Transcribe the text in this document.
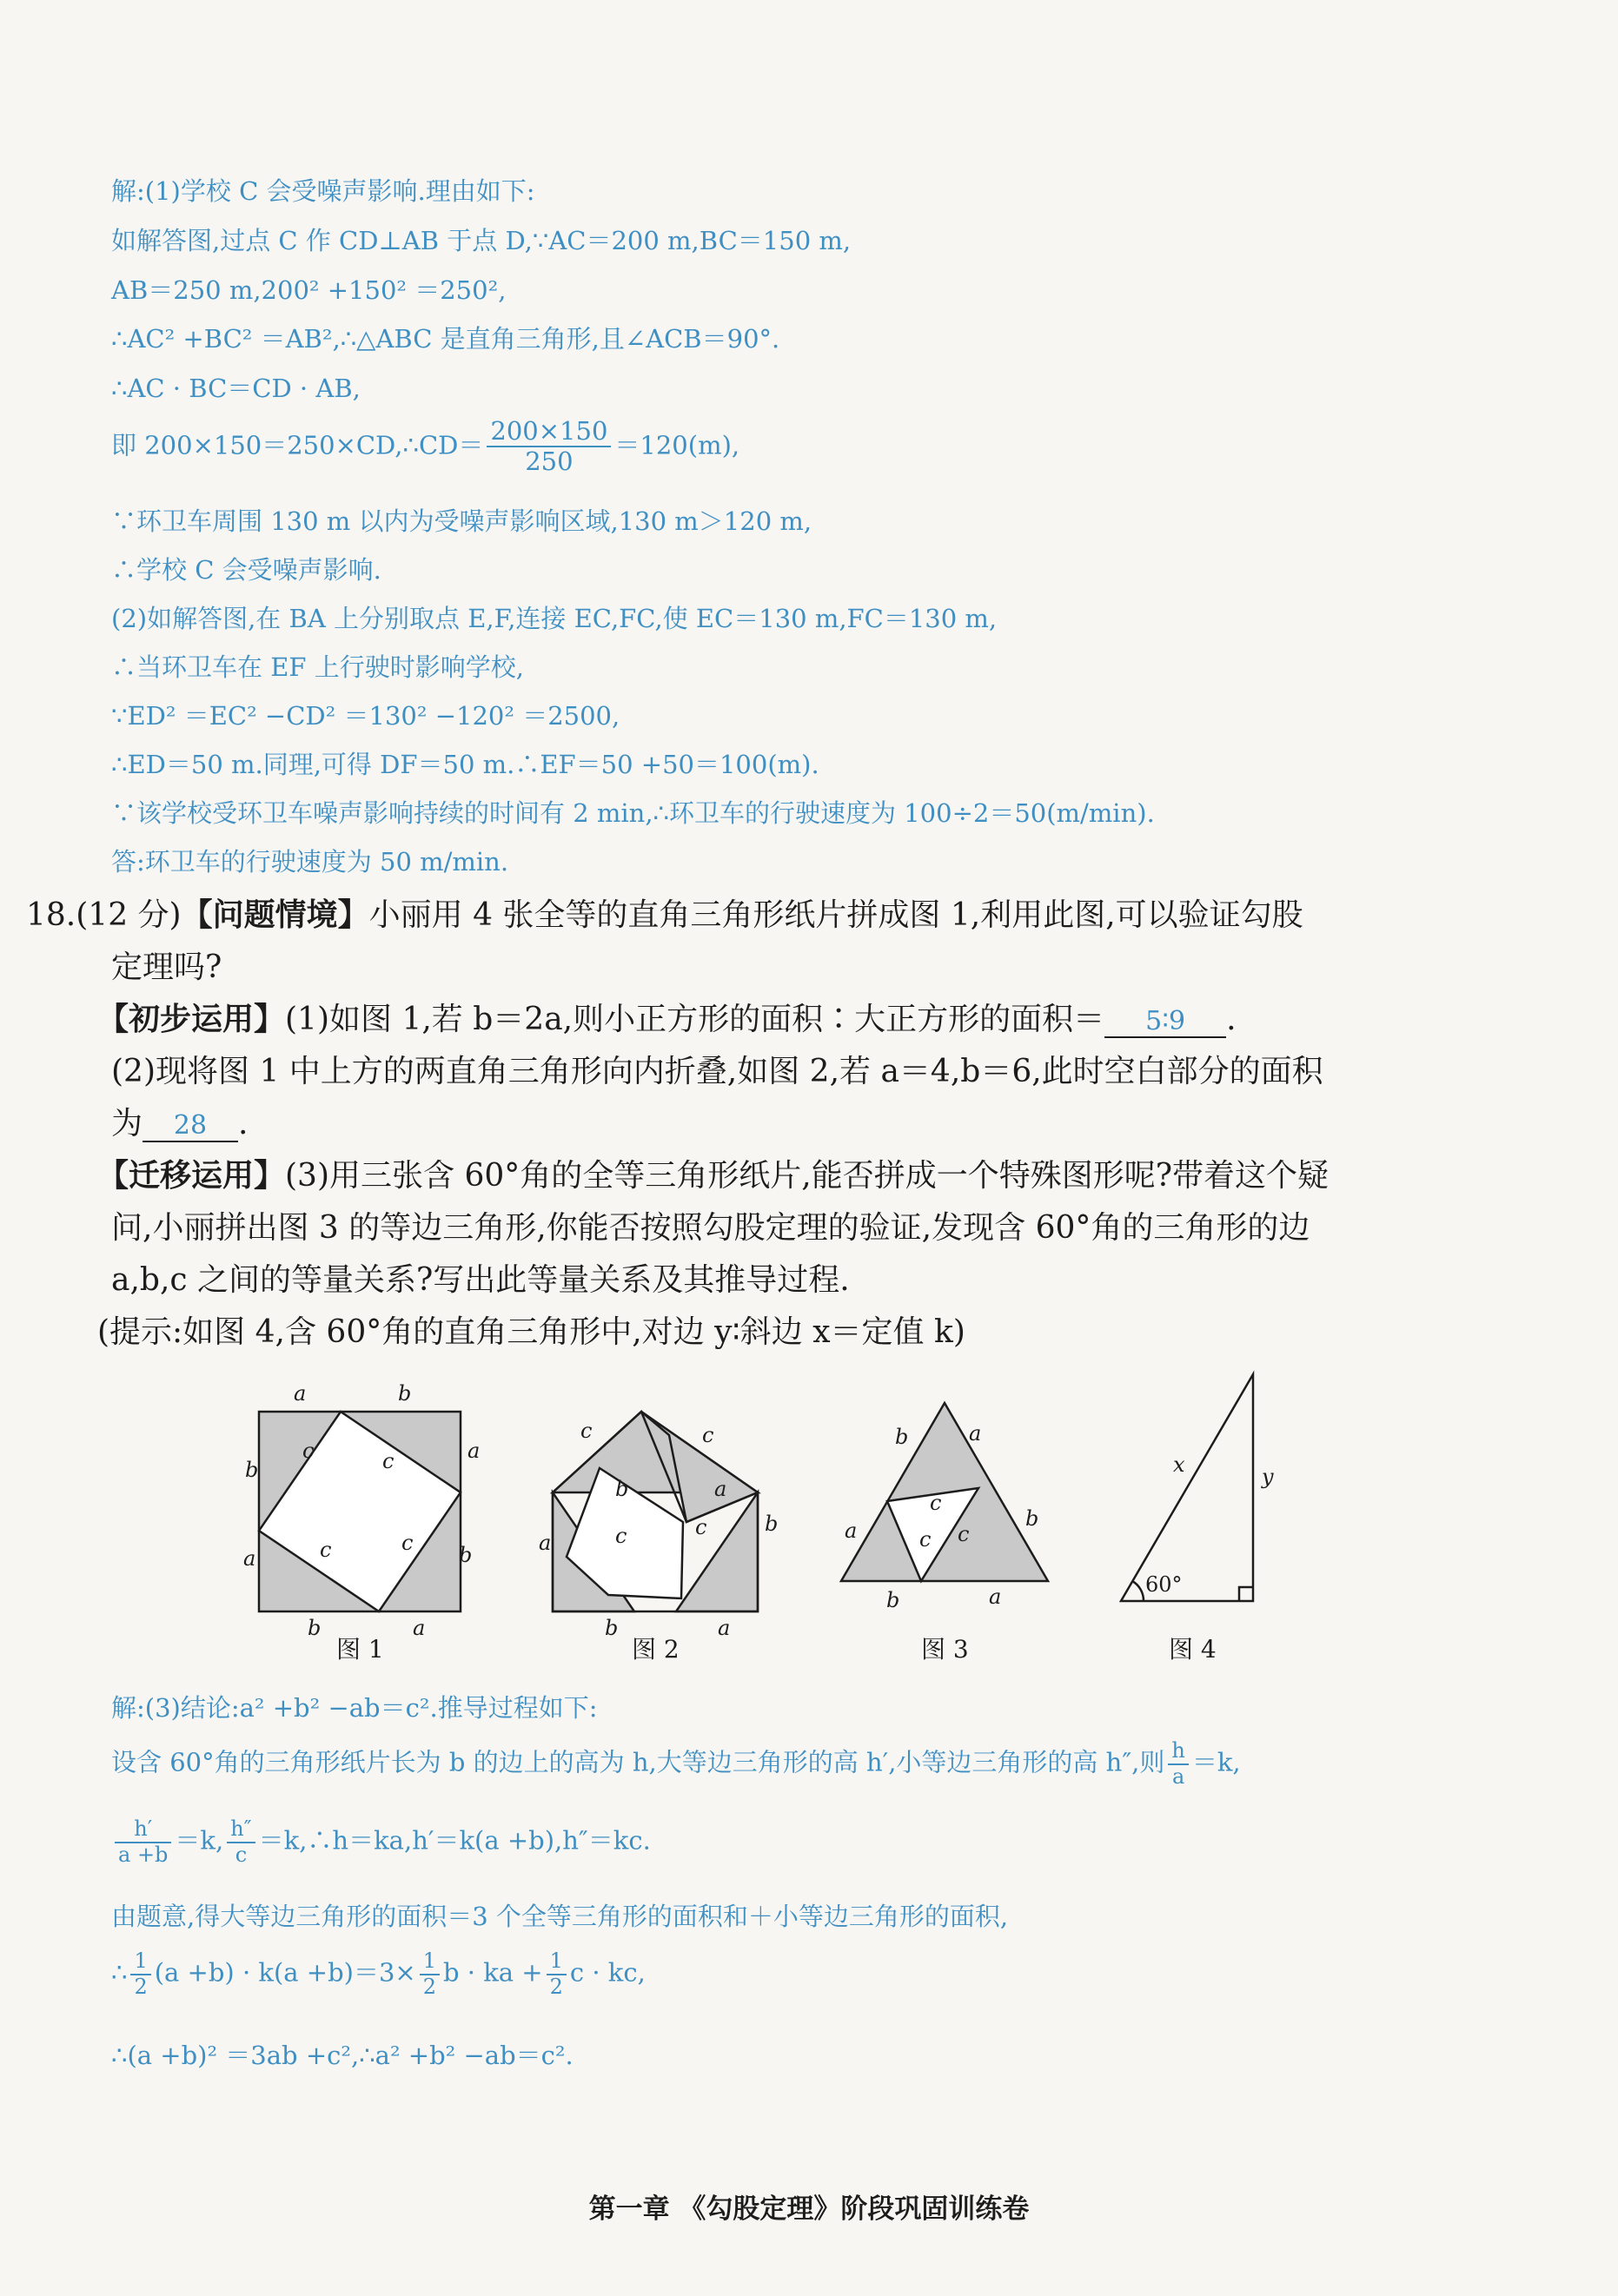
解:(1)学校 C 会受噪声影响.理由如下:
如解答图,过点 C 作 CD⊥AB 于点 D,∵AC＝200 m,BC＝150 m,
AB＝250 m,200² +150² ＝250²,
∴AC² +BC² ＝AB²,∴△ABC 是直角三角形,且∠ACB＝90°.
∴AC · BC＝CD · AB,
即 200×150＝250×CD,∴CD＝ $\frac{200\times 150}{250} =120(m)$,
∵环卫车周围 130 m 以内为受噪声影响区域,130 m＞120 m,
∴学校 C 会受噪声影响.
(2)如解答图,在 BA 上分别取点 E,F,连接 EC,FC,使 EC＝130 m,FC＝130 m,
∴当环卫车在 EF 上行驶时影响学校,
∵ED² ＝EC² −CD² ＝130² −120² ＝2500,
∴ED＝50 m.同理,可得 DF＝50 m.∴EF＝50 +50＝100(m).
∵该学校受环卫车噪声影响持续的时间有 2 min,∴环卫车的行驶速度为 100÷2＝50(m/min).
答:环卫车的行驶速度为 50 m/min.
18.(12 分)【问题情境】小丽用 4 张全等的直角三角形纸片拼成图 1,利用此图,可以验证勾股
定理吗?
【初步运用】(1)如图 1,若 b＝2a,则小正方形的面积∶大正方形的面积＝ 5∶9 .
(2)现将图 1 中上方的两直角三角形向内折叠,如图 2,若 a＝4,b＝6,此时空白部分的面积
为 28 .
【迁移运用】(3)用三张含 60°角的全等三角形纸片,能否拼成一个特殊图形呢?带着这个疑
问,小丽拼出图 3 的等边三角形,你能否按照勾股定理的验证,发现含 60°角的三角形的边
a,b,c 之间的等量关系?写出此等量关系及其推导过程.
(提示:如图 4,含 60°角的直角三角形中,对边 y∶斜边 x＝定值 k)
a	b
a
b
b
a
b	a
c	c
c	c
图 1
c	c
b	a
a
b
c	c
b	a
图 2
b	a
c
c c
a	b
b	a
图 3
x	y
60°
图 4
解:(3)结论:a² +b² −ab＝c².推导过程如下:
设含 60°角的三角形纸片长为 b 的边上的高为 h,大等边三角形的高 h′,小等边三角形的高 h″,则 $\frac{h}{a} =k$,
$\frac{h'}{a +b} =k$, $\frac{h''}{c}$ ＝k,∴h＝ka,h′＝k(a +b),h″＝kc.
由题意,得大等边三角形的面积＝3 个全等三角形的面积和＋小等边三角形的面积,
∴ $\frac{1}{2} (a +b) \cdot k(a +b)=3\times \frac{1}{2}$ b · ka + $\frac{1}{2}$ c · kc,
∴(a +b)² ＝3ab +c²,∴a² +b² −ab＝c².
第一章 《勾股定理》阶段巩固训练卷
